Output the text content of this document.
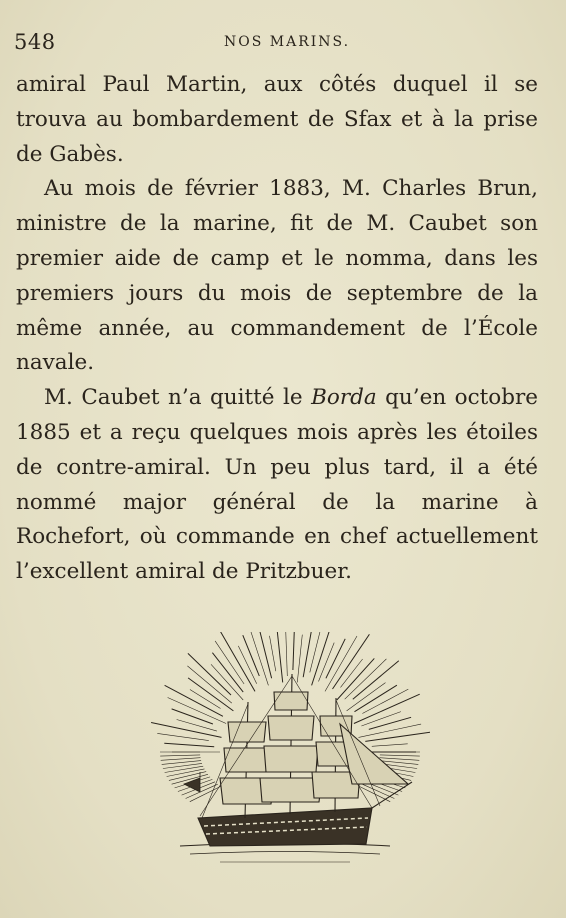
548	NOS MARINS.

amiral Paul Martin, aux côtés duquel il se trouva au bombardement de Sfax et à la prise de Gabès.

Au mois de février 1883, M. Charles Brun, ministre de la marine, fit de M. Caubet son premier aide de camp et le nomma, dans les premiers jours du mois de septembre de la même année, au commandement de l’École navale.

M. Caubet n’a quitté le Borda qu’en octobre 1885 et a reçu quelques mois après les étoiles de contre-amiral. Un peu plus tard, il a été nommé major général de la marine à Rochefort, où commande en chef actuellement l’excellent amiral de Pritzbuer.
